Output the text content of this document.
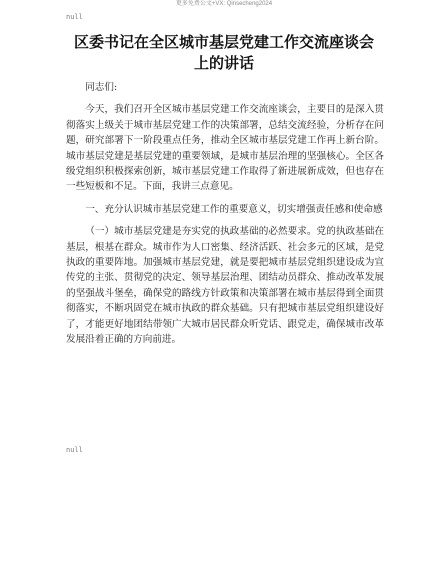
更多免费公文+VX: Qinsecheng2024
null
区委书记在全区城市基层党建工作交流座谈会
上的讲话

同志们:

今天，我们召开全区城市基层党建工作交流座谈会，主要目的是深入贯彻落实上级关于城市基层党建工作的决策部署，总结交流经验，分析存在问题，研究部署下一阶段重点任务，推动全区城市基层党建工作再上新台阶。城市基层党建是基层党建的重要领域，是城市基层治理的坚强核心。全区各级党组织积极探索创新，城市基层党建工作取得了新进展新成效，但也存在一些短板和不足。下面，我讲三点意见。

一、充分认识城市基层党建工作的重要意义，切实增强责任感和使命感

（一）城市基层党建是夯实党的执政基础的必然要求。党的执政基础在基层，根基在群众。城市作为人口密集、经济活跃、社会多元的区域，是党执政的重要阵地。加强城市基层党建，就是要把城市基层党组织建设成为宣传党的主张、贯彻党的决定、领导基层治理、团结动员群众、推动改革发展的坚强战斗堡垒，确保党的路线方针政策和决策部署在城市基层得到全面贯彻落实，不断巩固党在城市执政的群众基础。只有把城市基层党组织建设好了，才能更好地团结带领广大城市居民群众听党话、跟党走，确保城市改革发展沿着正确的方向前进。

null
